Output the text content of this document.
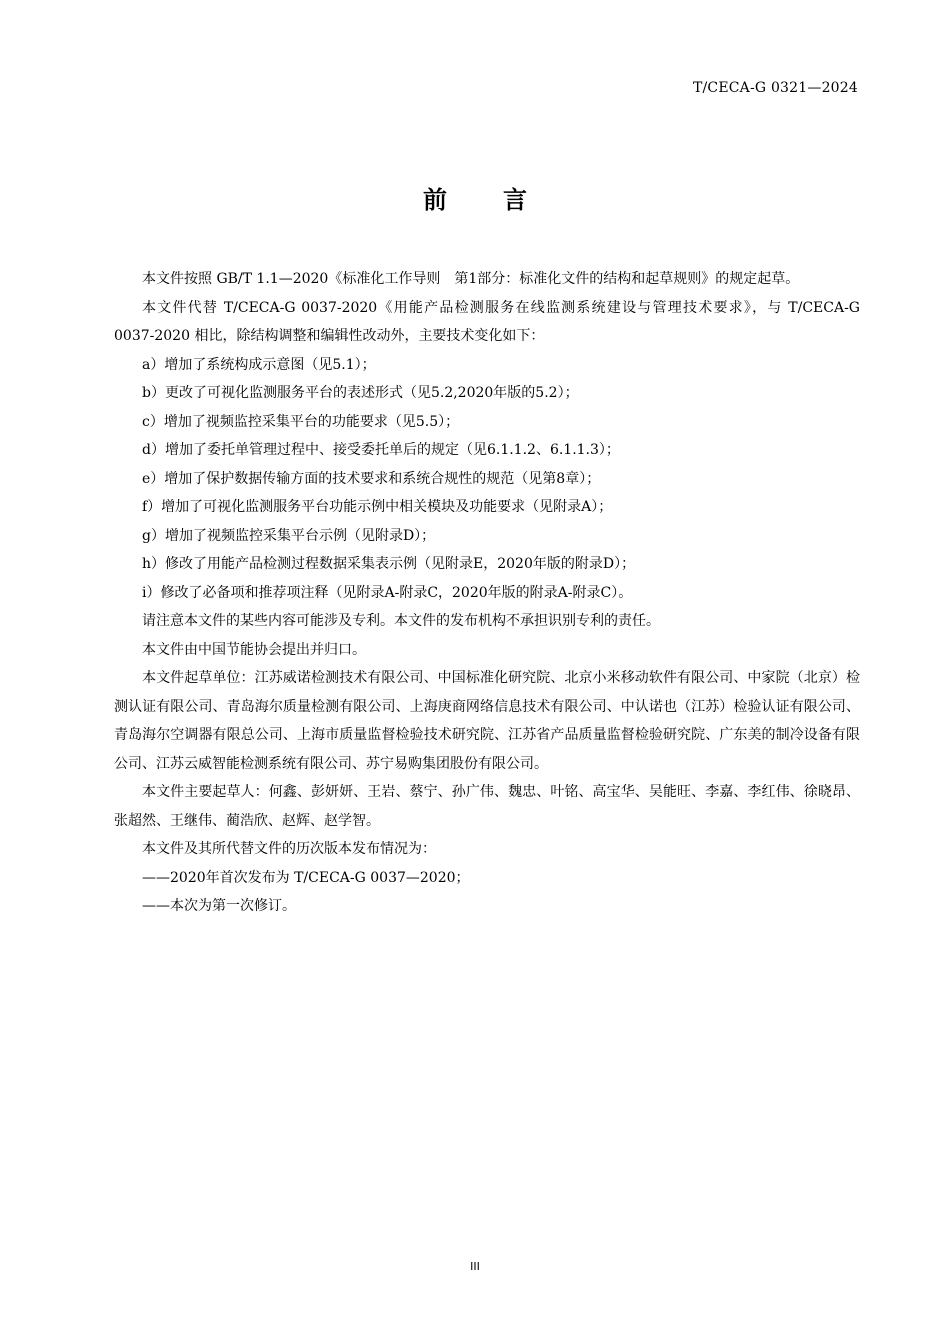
T/CECA-G 0321—2024
前言

本文件按照 GB/T 1.1—2020《标准化工作导则　第1部分：标准化文件的结构和起草规则》的规定起草。

本文件代替 T/CECA-G 0037-2020《用能产品检测服务在线监测系统建设与管理技术要求》，与 T/CECA-G 0037-2020 相比，除结构调整和编辑性改动外，主要技术变化如下：

a）增加了系统构成示意图（见5.1）；

b）更改了可视化监测服务平台的表述形式（见5.2,2020年版的5.2）；

c）增加了视频监控采集平台的功能要求（见5.5）；

d）增加了委托单管理过程中、接受委托单后的规定（见6.1.1.2、6.1.1.3）；

e）增加了保护数据传输方面的技术要求和系统合规性的规范（见第8章）；

f）增加了可视化监测服务平台功能示例中相关模块及功能要求（见附录A）；

g）增加了视频监控采集平台示例（见附录D）；

h）修改了用能产品检测过程数据采集表示例（见附录E，2020年版的附录D）；

i）修改了必备项和推荐项注释（见附录A-附录C，2020年版的附录A-附录C）。

请注意本文件的某些内容可能涉及专利。本文件的发布机构不承担识别专利的责任。

本文件由中国节能协会提出并归口。

本文件起草单位：江苏威诺检测技术有限公司、中国标准化研究院、北京小米移动软件有限公司、中家院（北京）检测认证有限公司、青岛海尔质量检测有限公司、上海庚商网络信息技术有限公司、中认诺也（江苏）检验认证有限公司、青岛海尔空调器有限总公司、上海市质量监督检验技术研究院、江苏省产品质量监督检验研究院、广东美的制冷设备有限公司、江苏云威智能检测系统有限公司、苏宁易购集团股份有限公司。

本文件主要起草人：何鑫、彭妍妍、王岩、蔡宁、孙广伟、魏忠、叶铭、高宝华、吴能旺、李嘉、李红伟、徐晓昂、张超然、王继伟、蔺浩欣、赵辉、赵学智。

本文件及其所代替文件的历次版本发布情况为：

——2020年首次发布为 T/CECA-G 0037—2020；

——本次为第一次修订。

III
